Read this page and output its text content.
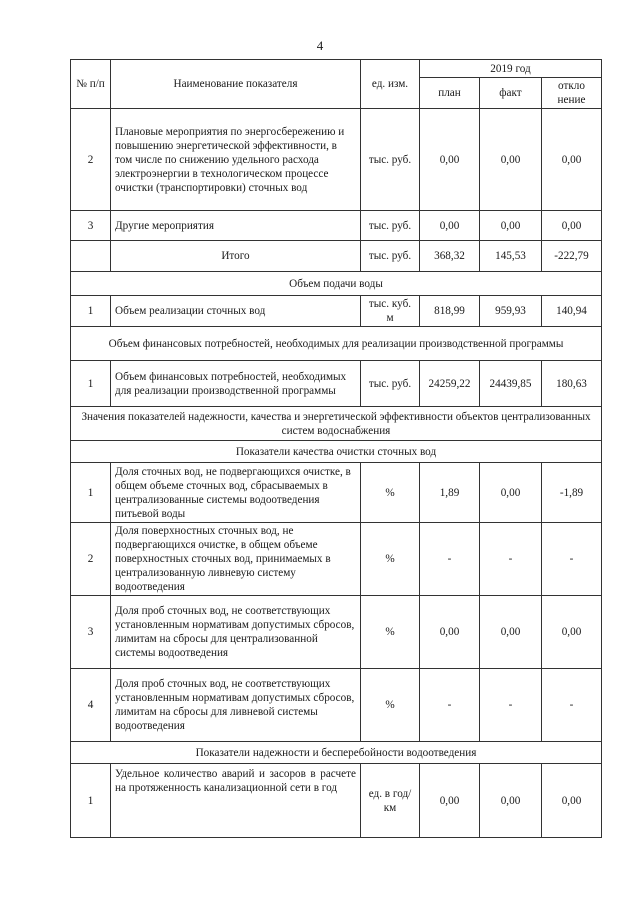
4
№ п/п	Наименование показателя	ед. изм.	2019 год		
			план	факт	откло нение
2	Плановые мероприятия по энергосбережению и повышению энергетической эффективности, в том числе по снижению удельного расхода электроэнергии в технологическом процессе очистки (транспортировки) сточных вод	тыс. руб.	0,00	0,00	0,00
3	Другие мероприятия	тыс. руб.	0,00	0,00	0,00
	Итого	тыс. руб.	368,32	145,53	-222,79
Объем подачи воды					
1	Объем реализации сточных вод	тыс. куб. м	818,99	959,93	140,94
Объем финансовых потребностей, необходимых для реализации производственной программы					
1	Объем финансовых потребностей, необходимых для реализации производственной программы	тыс. руб.	24259,22	24439,85	180,63
Значения показателей надежности, качества и энергетической эффективности объектов централизованных систем водоснабжения					
Показатели качества очистки сточных вод					
1	Доля сточных вод, не подвергающихся очистке, в общем объеме сточных вод, сбрасываемых в централизованные системы водоотведения питьевой воды	%	1,89	0,00	-1,89
2	Доля поверхностных сточных вод, не подвергающихся очистке, в общем объеме поверхностных сточных вод, принимаемых в централизованную ливневую систему водоотведения	%	-	-	-
3	Доля проб сточных вод, не соответствующих установленным нормативам допустимых сбросов, лимитам на сбросы для централизованной системы водоотведения	%	0,00	0,00	0,00
4	Доля проб сточных вод, не соответствующих установленным нормативам допустимых сбросов, лимитам на сбросы для ливневой системы водоотведения	%	-	-	-
Показатели надежности и бесперебойности водоотведения					
1	Удельное количество аварий и засоров в расчете на протяженность канализационной сети в год	ед. в год/ км	0,00	0,00	0,00
